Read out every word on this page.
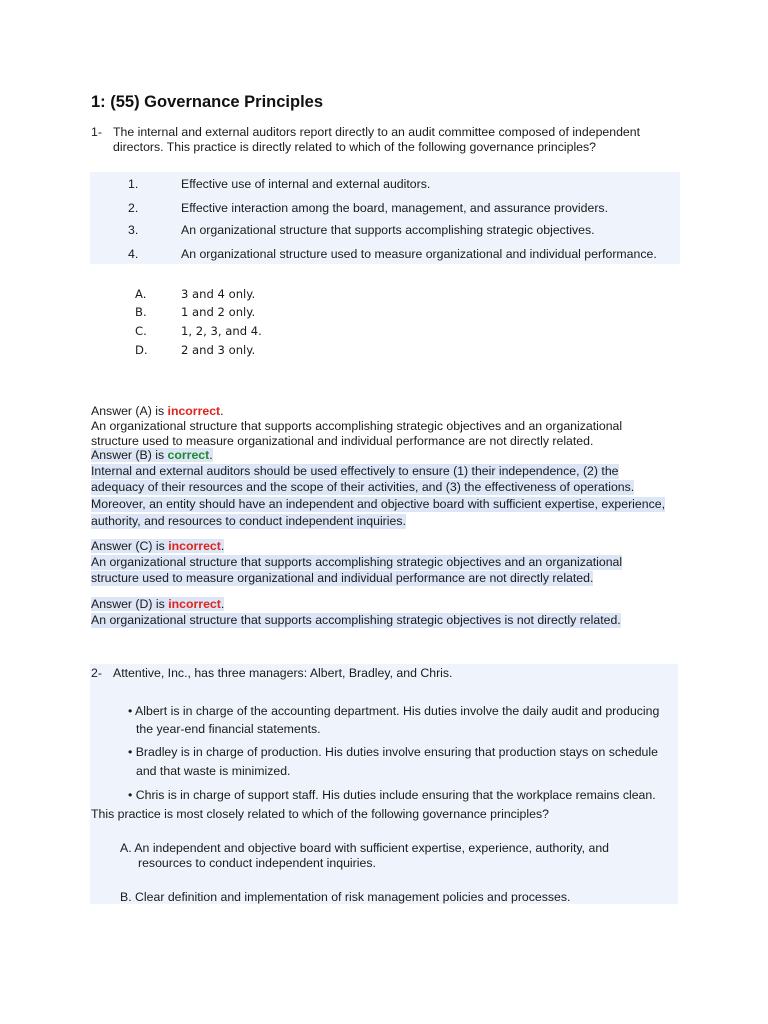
1: (55) Governance Principles
1- The internal and external auditors report directly to an audit committee composed of independent
directors. This practice is directly related to which of the following governance principles?
1.	Effective use of internal and external auditors.
2.	Effective interaction among the board, management, and assurance providers.
3.	An organizational structure that supports accomplishing strategic objectives.
4.	An organizational structure used to measure organizational and individual performance.
A.	3 and 4 only.
B.	1 and 2 only.
C.	1, 2, 3, and 4.
D.	2 and 3 only.
Answer (A) is incorrect.
An organizational structure that supports accomplishing strategic objectives and an organizational
structure used to measure organizational and individual performance are not directly related.
Answer (B) is correct.
Internal and external auditors should be used effectively to ensure (1) their independence, (2) the
adequacy of their resources and the scope of their activities, and (3) the effectiveness of operations.
Moreover, an entity should have an independent and objective board with sufficient expertise, experience,
authority, and resources to conduct independent inquiries.
Answer (C) is incorrect.
An organizational structure that supports accomplishing strategic objectives and an organizational
structure used to measure organizational and individual performance are not directly related.
Answer (D) is incorrect.
An organizational structure that supports accomplishing strategic objectives is not directly related.
2- Attentive, Inc., has three managers: Albert, Bradley, and Chris.
• Albert is in charge of the accounting department. His duties involve the daily audit and producing
the year-end financial statements.
• Bradley is in charge of production. His duties involve ensuring that production stays on schedule
and that waste is minimized.
• Chris is in charge of support staff. His duties include ensuring that the workplace remains clean.
This practice is most closely related to which of the following governance principles?
A. An independent and objective board with sufficient expertise, experience, authority, and
resources to conduct independent inquiries.
B. Clear definition and implementation of risk management policies and processes.
